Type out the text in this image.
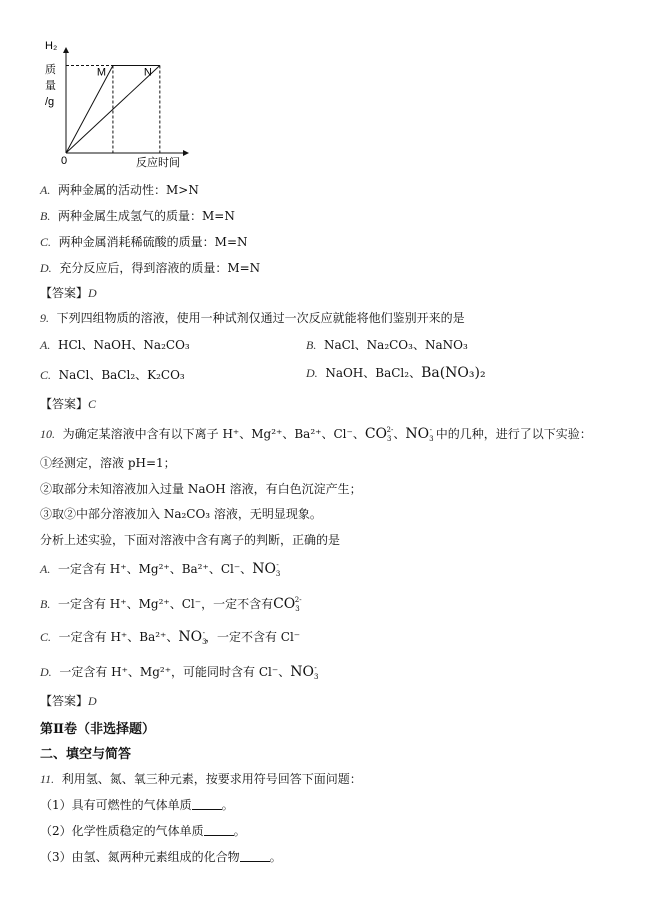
H₂
质
量
/g
0	反应时间
M	N
A. 两种金属的活动性：M>N
B. 两种金属生成氢气的质量：M=N
C. 两种金属消耗稀硫酸的质量：M=N
D. 充分反应后，得到溶液的质量：M=N
【答案】D
9. 下列四组物质的溶液，使用一种试剂仅通过一次反应就能将他们鉴别开来的是
A. HCl、NaOH、Na₂CO₃	B. NaCl、Na₂CO₃、NaNO₃
C. NaCl、BaCl₂、K₂CO₃	D. NaOH、BaCl₂、Ba(NO₃)₂
【答案】C
10. 为确定某溶液中含有以下离子 H⁺、Mg²⁺、Ba²⁺、Cl⁻、$CO_3^{2-}$、$NO_3^-$ 中的几种，进行了以下实验：
①经测定，溶液 pH=1；
②取部分未知溶液加入过量 NaOH 溶液，有白色沉淀产生；
③取②中部分溶液加入 Na₂CO₃ 溶液，无明显现象。
分析上述实验，下面对溶液中含有离子的判断，正确的是
A. 一定含有 H⁺、Mg²⁺、Ba²⁺、Cl⁻、$NO_3^-$
B. 一定含有 H⁺、Mg²⁺、Cl⁻，一定不含有$CO_3^{2-}$
C. 一定含有 H⁺、Ba²⁺、$NO_3^-$，一定不含有 Cl⁻
D. 一定含有 H⁺、Mg²⁺，可能同时含有 Cl⁻、$NO_3^-$
【答案】D
第Ⅱ卷（非选择题）
二、填空与简答
11. 利用氢、氮、氧三种元素，按要求用符号回答下面问题：
（1）具有可燃性的气体单质	。
（2）化学性质稳定的气体单质	。
（3）由氢、氮两种元素组成的化合物	。
